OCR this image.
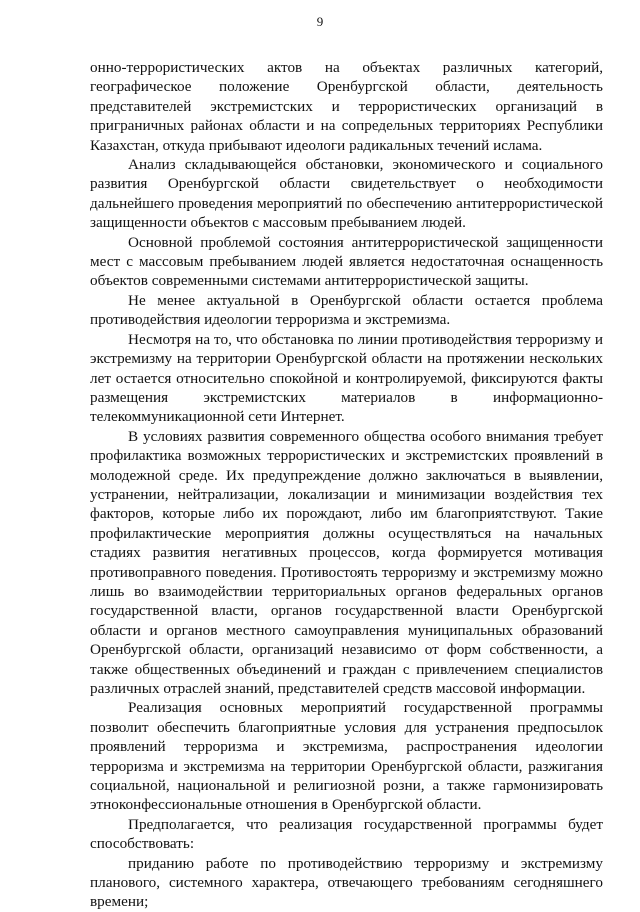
9

онно-террористических актов на объектах различных категорий, географическое положение Оренбургской области, деятельность представителей экстремистских и террористических организаций в приграничных районах области и на сопредельных территориях Республики Казахстан, откуда прибывают идеологи радикальных течений ислама.

Анализ складывающейся обстановки, экономического и социального развития Оренбургской области свидетельствует о необходимости дальнейшего проведения мероприятий по обеспечению антитеррористической защищенности объектов с массовым пребыванием людей.

Основной проблемой состояния антитеррористической защищенности мест с массовым пребыванием людей является недостаточная оснащенность объектов современными системами антитеррористической защиты.

Не менее актуальной в Оренбургской области остается проблема противодействия идеологии терроризма и экстремизма.

Несмотря на то, что обстановка по линии противодействия терроризму и экстремизму на территории Оренбургской области на протяжении нескольких лет остается относительно спокойной и контролируемой, фиксируются факты размещения экстремистских материалов в информационно-телекоммуникационной сети Интернет.

В условиях развития современного общества особого внимания требует профилактика возможных террористических и экстремистских проявлений в молодежной среде. Их предупреждение должно заключаться в выявлении, устранении, нейтрализации, локализации и минимизации воздействия тех факторов, которые либо их порождают, либо им благоприятствуют. Такие профилактические мероприятия должны осуществляться на начальных стадиях развития негативных процессов, когда формируется мотивация противоправного поведения. Противостоять терроризму и экстремизму можно лишь во взаимодействии территориальных органов федеральных органов государственной власти, органов государственной власти Оренбургской области и органов местного самоуправления муниципальных образований Оренбургской области, организаций независимо от форм собственности, а также общественных объединений и граждан с привлечением специалистов различных отраслей знаний, представителей средств массовой информации.

Реализация основных мероприятий государственной программы позволит обеспечить благоприятные условия для устранения предпосылок проявлений терроризма и экстремизма, распространения идеологии терроризма и экстремизма на территории Оренбургской области, разжигания социальной, национальной и религиозной розни, а также гармонизировать этноконфессиональные отношения в Оренбургской области.

Предполагается, что реализация государственной программы будет способствовать:

приданию работе по противодействию терроризму и экстремизму планового, системного характера, отвечающего требованиям сегодняшнего времени;
